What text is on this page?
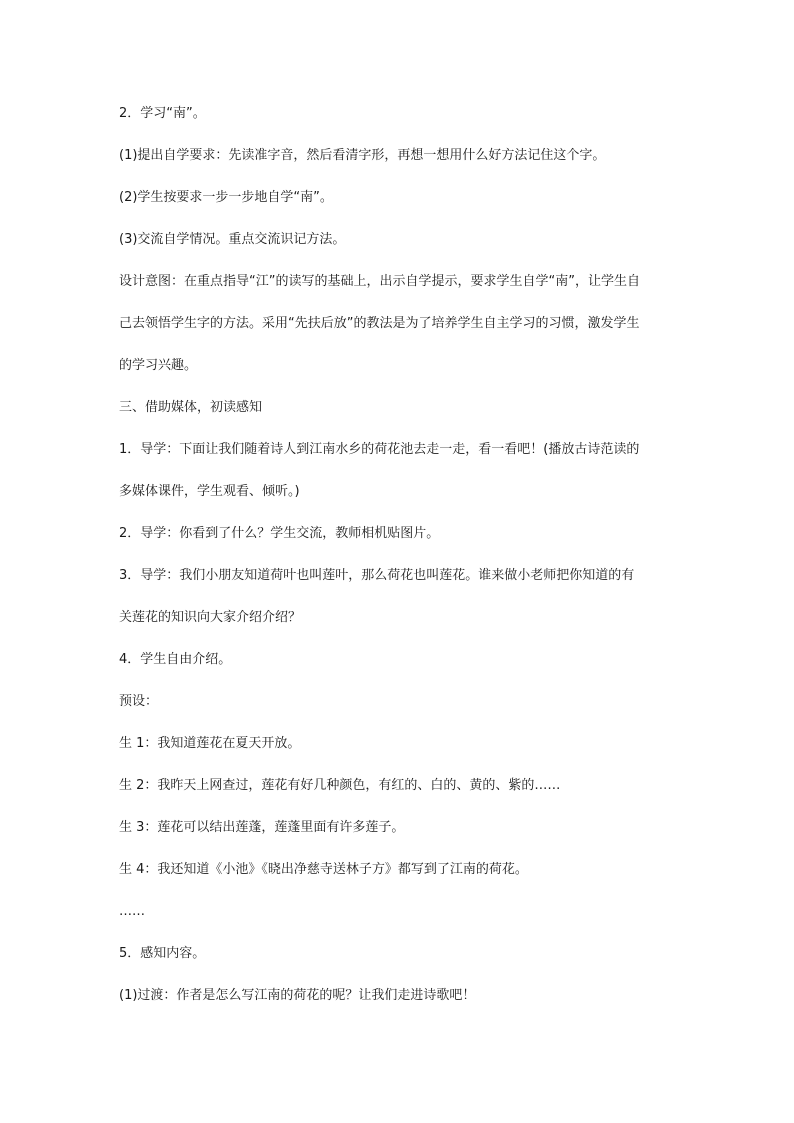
2．学习“南”。

(1)提出自学要求：先读准字音，然后看清字形，再想一想用什么好方法记住这个字。

(2)学生按要求一步一步地自学“南”。

(3)交流自学情况。重点交流识记方法。

设计意图：在重点指导“江”的读写的基础上，出示自学提示，要求学生自学“南”，让学生自

己去领悟学生字的方法。采用“先扶后放”的教法是为了培养学生自主学习的习惯，激发学生

的学习兴趣。

三、借助媒体，初读感知

1．导学：下面让我们随着诗人到江南水乡的荷花池去走一走，看一看吧！(播放古诗范读的

多媒体课件，学生观看、倾听。)

2．导学：你看到了什么？学生交流，教师相机贴图片。

3．导学：我们小朋友知道荷叶也叫莲叶，那么荷花也叫莲花。谁来做小老师把你知道的有

关莲花的知识向大家介绍介绍？

4．学生自由介绍。

预设：

生 1：我知道莲花在夏天开放。

生 2：我昨天上网查过，莲花有好几种颜色，有红的、白的、黄的、紫的……

生 3：莲花可以结出莲蓬，莲蓬里面有许多莲子。

生 4：我还知道《小池》《晓出净慈寺送林子方》都写到了江南的荷花。

……

5．感知内容。

(1)过渡：作者是怎么写江南的荷花的呢？让我们走进诗歌吧！
